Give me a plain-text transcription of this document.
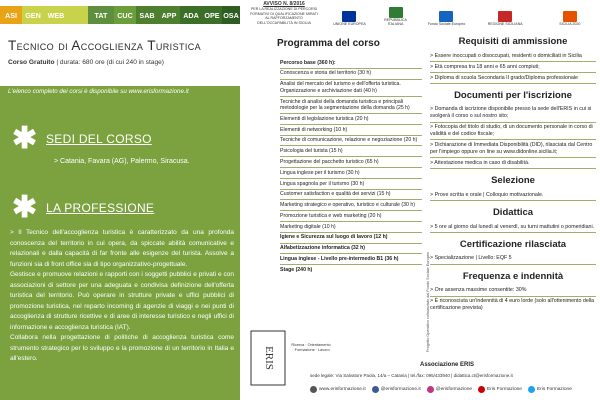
ASI	GEN WEB	TAT	CUC SAB APP ADA OPE OSA
Tecnico di Accoglienza Turistica
Corso Gratuito | durata: 680 ore (di cui 240 in stage)
L'elenco completo dei corsi è disponibile su www.erisformazione.it
✱ SEDI DEL CORSO
> Catania, Favara (AG), Palermo, Siracusa.
✱ LA PROFESSIONE

> Il Tecnico dell'accoglienza turistica è caratterizzato da una profonda conoscenza del territorio in cui opera, da spiccate abilità comunicative e relazionali e dalla capacità di far fronte alle esigenze del turista. Assolve a funzioni sia di front office sia di tipo organizzativo-progettuale.

Gestisce e promuove relazioni e rapporti con i soggetti pubblici e privati e con associazioni di settore per una adeguata e condivisa definizione dell'offerta turistica del territorio. Può operare in strutture private e uffici pubblici di promozione turistica, nel reparto incoming di agenzie di viaggi e nei punti di accoglienza di strutture ricettive e di aree di interesse turistico e negli uffici di informazione e accoglienza turistica (IAT).

Collabora nella progettazione di politiche di accoglienza turistica come strumento strategico per lo sviluppo e la promozione di un territorio in Italia e all'estero.

AVVISO N. 8/2016
PER LA REALIZZAZIONE DI PERCORSI FORMATIVI DI QUALIFICAZIONE MIRATI AL RAFFORZAMENTO DELL'OCCUPABILITÀ IN SICILIA	UNIONE EUROPEA
REPUBBLICA ITALIANA	Fondo Sociale Europeo	REGIONE SICILIANA	SICILIA 2020
Programma del corso
Percorso base (360 h):
Conoscenza e storia del territorio (30 h)
Analisi del mercato del turismo e dell'offerta turistica. Organizzazione e archiviazione dati (40 h)
Tecniche di analisi della domanda turistica e principali metodologie per la segmentazione della domanda (25 h)
Elementi di legislazione turistica (20 h)
Elementi di networking (10 h)
Tecniche di comunicazione, relazione e negoziazione (20 h)
Psicologia del turista (15 h)
Progettazione del pacchetto turistico (65 h)
Lingua inglese per il turismo (30 h)
Lingua spagnola per il turismo (30 h)
Customer satisfaction e qualità dei servizi (15 h)
Marketing strategico e operativo, turistico e culturale (30 h)
Promozione turistica e web marketing (20 h)
Marketing digitale (10 h)
Igiene e Sicurezza sul luogo di lavoro (12 h)
Alfabetizzazione informatica (32 h)
Lingua inglese - Livello pre-intermedio B1 (36 h)
Stage (240 h)	Progetto Operativo cofinanziato dal Fondo Sociale Europeo
Requisiti di ammissione
> Essere inoccupati o disoccupati, residenti o domiciliati in Sicilia
> Età compresa tra 18 anni e 65 anni compiuti;
> Diploma di scuola Secondaria II grado/Diploma professionale
Documenti per l'iscrizione
> Domanda di iscrizione disponibile presso la sede dell'ERIS in cui si svolgerà il corso o sul nostro sito;
> Fotocopia del titolo di studio, di un documento personale in corso di validità e del codice fiscale;
> Dichiarazione di Immediata Disponibilità (DID), rilasciata dal Centro per l'impiego oppure on line su www.didonline.sicilia.it;
> Attestazione medica in caso di disabilità.
Selezione
> Prove scritta e orale | Colloquio motivazionale.
Didattica
> 5 ore al giorno dal lunedì al venerdì, su turni mattutini o pomeridiani.
Certificazione rilasciata
> Specializzazione | Livello: EQF 5
Frequenza e indennità
> Ore assenza massime consentite: 30%
> È riconosciuta un'indennità di 4 euro lorde (solo all'ottenimento della certificazione prevista)
ERIS
Ricerca · Orientamento · Formazione · Lavoro
Associazione ERIS
sede legale: Via Salvatore Paola, 14/a – Catania | tel./fax: 095/433940 | didattica.ct@erisformazione.it
www.erisformazione.it	@erisformazione.it	@erisformazione	Eris Formazione	Eris Formazione
